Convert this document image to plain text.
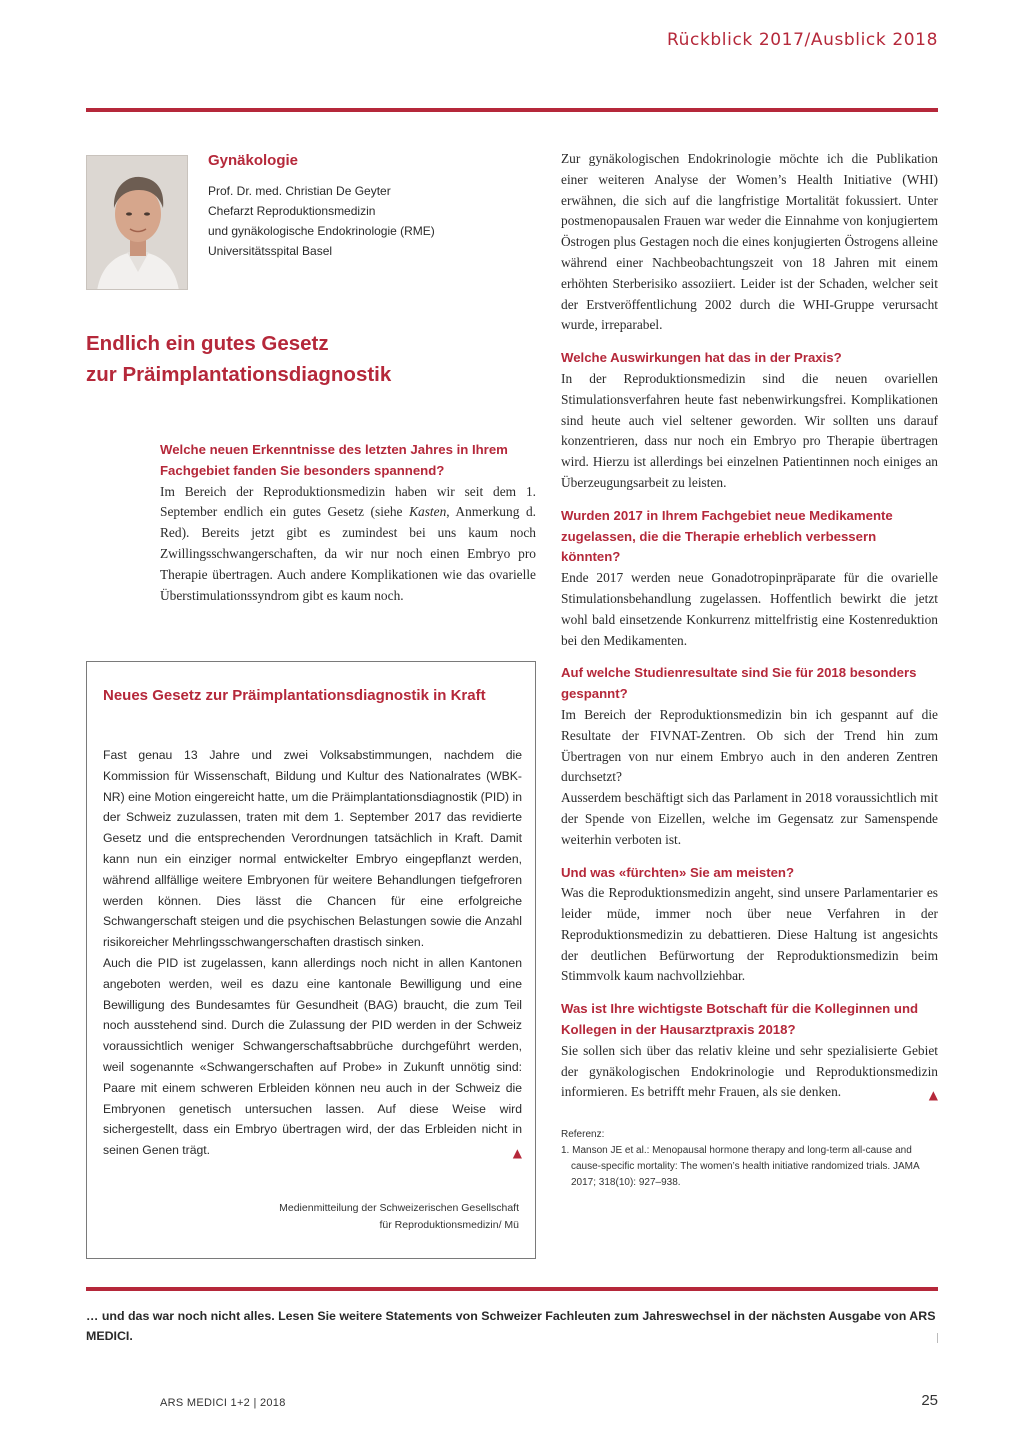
Rückblick 2017/Ausblick 2018
Gynäkologie
Prof. Dr. med. Christian De Geyter
Chefarzt Reproduktionsmedizin
und gynäkologische Endokrinologie (RME)
Universitätsspital Basel
Endlich ein gutes Gesetz
zur Präimplantationsdiagnostik
Welche neuen Erkenntnisse des letzten Jahres in Ihrem Fachgebiet fanden Sie besonders spannend?

Im Bereich der Reproduktionsmedizin haben wir seit dem 1. September endlich ein gutes Gesetz (siehe Kasten, Anmerkung d. Red). Bereits jetzt gibt es zumindest bei uns kaum noch Zwillingsschwangerschaften, da wir nur noch einen Embryo pro Therapie übertragen. Auch andere Komplikationen wie das ovarielle Überstimulationssyndrom gibt es kaum noch.

Neues Gesetz zur Präimplantationsdiagnostik in Kraft

Fast genau 13 Jahre und zwei Volksabstimmungen, nachdem die Kommission für Wissenschaft, Bildung und Kultur des Nationalrates (WBK-NR) eine Motion eingereicht hatte, um die Präimplantationsdiagnostik (PID) in der Schweiz zuzulassen, traten mit dem 1. September 2017 das revidierte Gesetz und die entsprechenden Verordnungen tatsächlich in Kraft. Damit kann nun ein einziger normal entwickelter Embryo eingepflanzt werden, während allfällige weitere Embryonen für weitere Behandlungen tiefgefroren werden können. Dies lässt die Chancen für eine erfolgreiche Schwangerschaft steigen und die psychischen Belastungen sowie die Anzahl risikoreicher Mehrlingsschwangerschaften drastisch sinken.

Auch die PID ist zugelassen, kann allerdings noch nicht in allen Kantonen angeboten werden, weil es dazu eine kantonale Bewilligung und eine Bewilligung des Bundesamtes für Gesundheit (BAG) braucht, die zum Teil noch ausstehend sind. Durch die Zulassung der PID werden in der Schweiz voraussichtlich weniger Schwangerschaftsabbrüche durchgeführt werden, weil sogenannte «Schwangerschaften auf Probe» in Zukunft unnötig sind: Paare mit einem schweren Erbleiden können neu auch in der Schweiz die Embryonen genetisch untersuchen lassen. Auf diese Weise wird sichergestellt, dass ein Embryo übertragen wird, der das Erbleiden nicht in seinen Genen trägt.	▲

Medienmitteilung der Schweizerischen Gesellschaft
für Reproduktionsmedizin/ Mü

Zur gynäkologischen Endokrinologie möchte ich die Publikation einer weiteren Analyse der Women’s Health Initiative (WHI) erwähnen, die sich auf die langfristige Mortalität fokussiert. Unter postmenopausalen Frauen war weder die Einnahme von konjugiertem Östrogen plus Gestagen noch die eines konjugierten Östrogens alleine während einer Nachbeobachtungszeit von 18 Jahren mit einem erhöhten Sterberisiko assoziiert. Leider ist der Schaden, welcher seit der Erstveröffentlichung 2002 durch die WHI-Gruppe verursacht wurde, irreparabel.

Welche Auswirkungen hat das in der Praxis?

In der Reproduktionsmedizin sind die neuen ovariellen Stimulationsverfahren heute fast nebenwirkungsfrei. Komplikationen sind heute auch viel seltener geworden. Wir sollten uns darauf konzentrieren, dass nur noch ein Embryo pro Therapie übertragen wird. Hierzu ist allerdings bei einzelnen Patientinnen noch einiges an Überzeugungsarbeit zu leisten.

Wurden 2017 in Ihrem Fachgebiet neue Medikamente zugelassen, die die Therapie erheblich verbessern könnten?

Ende 2017 werden neue Gonadotropinpräparate für die ovarielle Stimulationsbehandlung zugelassen. Hoffentlich bewirkt die jetzt wohl bald einsetzende Konkurrenz mittelfristig eine Kostenreduktion bei den Medikamenten.

Auf welche Studienresultate sind Sie für 2018 besonders gespannt?

Im Bereich der Reproduktionsmedizin bin ich gespannt auf die Resultate der FIVNAT-Zentren. Ob sich der Trend hin zum Übertragen von nur einem Embryo auch in den anderen Zentren durchsetzt?

Ausserdem beschäftigt sich das Parlament in 2018 voraussichtlich mit der Spende von Eizellen, welche im Gegensatz zur Samenspende weiterhin verboten ist.

Und was «fürchten» Sie am meisten?

Was die Reproduktionsmedizin angeht, sind unsere Parlamentarier es leider müde, immer noch über neue Verfahren in der Reproduktionsmedizin zu debattieren. Diese Haltung ist angesichts der deutlichen Befürwortung der Reproduktionsmedizin beim Stimmvolk kaum nachvollziehbar.

Was ist Ihre wichtigste Botschaft für die Kolleginnen und Kollegen in der Hausarztpraxis 2018?

Sie sollen sich über das relativ kleine und sehr spezialisierte Gebiet der gynäkologischen Endokrinologie und Reproduktionsmedizin informieren. Es betrifft mehr Frauen, als sie denken.	▲

Referenz:
1. Manson JE et al.: Menopausal hormone therapy and long-term all-cause and cause-specific mortality: The women’s health initiative randomized trials. JAMA 2017; 318(10): 927–938.
… und das war noch nicht alles. Lesen Sie weitere Statements von Schweizer Fachleuten zum Jahreswechsel in der nächsten Ausgabe von ARS MEDICI.
ARS MEDICI 1+2 | 2018	25
